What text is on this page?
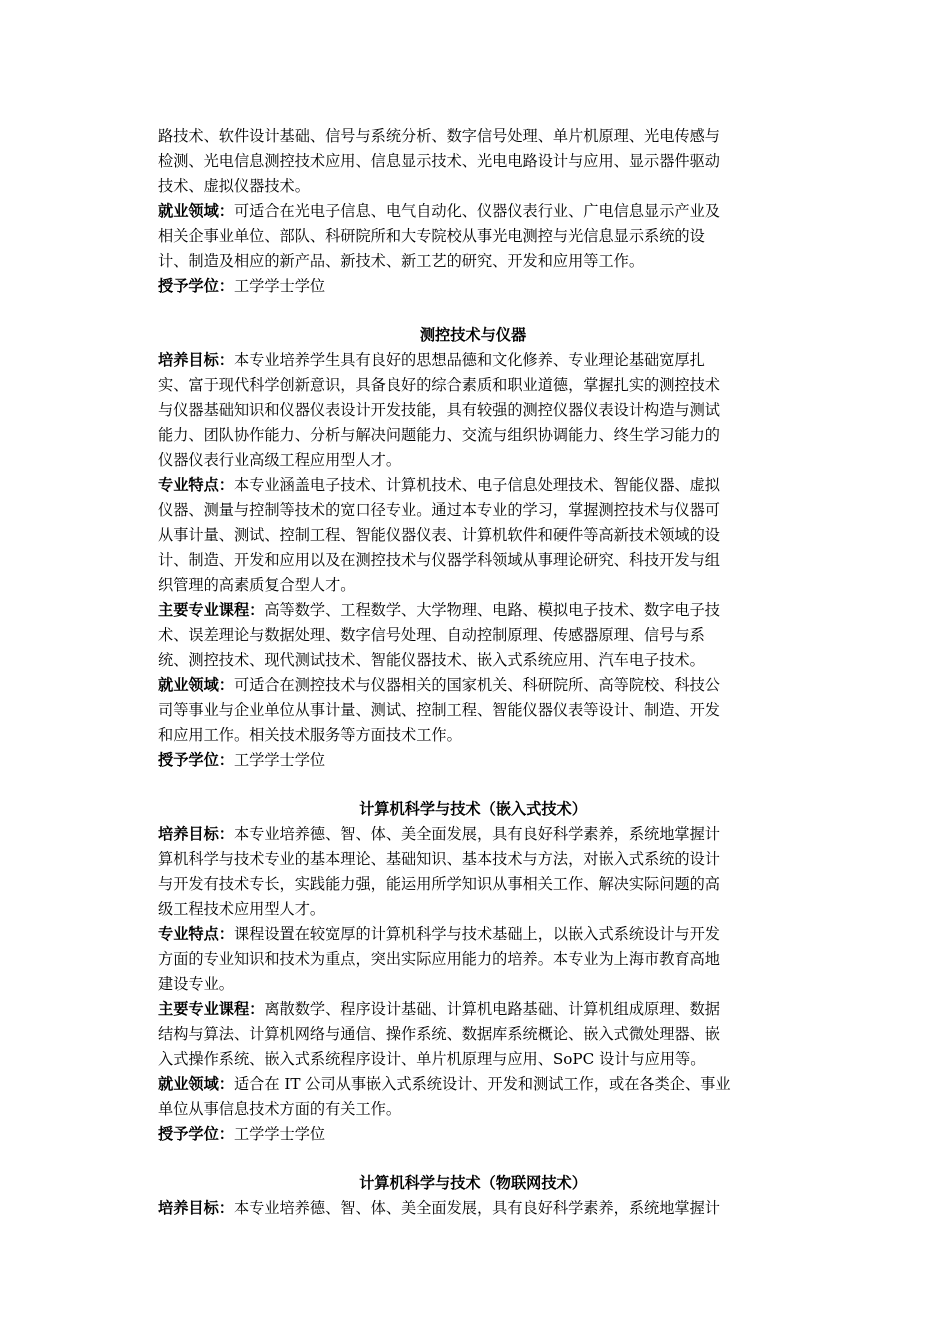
路技术、软件设计基础、信号与系统分析、数字信号处理、单片机原理、光电传感与
检测、光电信息测控技术应用、信息显示技术、光电电路设计与应用、显示器件驱动
技术、虚拟仪器技术。
就业领域：可适合在光电子信息、电气自动化、仪器仪表行业、广电信息显示产业及
相关企事业单位、部队、科研院所和大专院校从事光电测控与光信息显示系统的设
计、制造及相应的新产品、新技术、新工艺的研究、开发和应用等工作。
授予学位：工学学士学位
测控技术与仪器
培养目标：本专业培养学生具有良好的思想品德和文化修养、专业理论基础宽厚扎
实、富于现代科学创新意识，具备良好的综合素质和职业道德，掌握扎实的测控技术
与仪器基础知识和仪器仪表设计开发技能，具有较强的测控仪器仪表设计构造与测试
能力、团队协作能力、分析与解决问题能力、交流与组织协调能力、终生学习能力的
仪器仪表行业高级工程应用型人才。
专业特点：本专业涵盖电子技术、计算机技术、电子信息处理技术、智能仪器、虚拟
仪器、测量与控制等技术的宽口径专业。通过本专业的学习，掌握测控技术与仪器可
从事计量、测试、控制工程、智能仪器仪表、计算机软件和硬件等高新技术领域的设
计、制造、开发和应用以及在测控技术与仪器学科领域从事理论研究、科技开发与组
织管理的高素质复合型人才。
主要专业课程：高等数学、工程数学、大学物理、电路、模拟电子技术、数字电子技
术、误差理论与数据处理、数字信号处理、自动控制原理、传感器原理、信号与系
统、测控技术、现代测试技术、智能仪器技术、嵌入式系统应用、汽车电子技术。
就业领域：可适合在测控技术与仪器相关的国家机关、科研院所、高等院校、科技公
司等事业与企业单位从事计量、测试、控制工程、智能仪器仪表等设计、制造、开发
和应用工作。相关技术服务等方面技术工作。
授予学位：工学学士学位
计算机科学与技术（嵌入式技术）
培养目标：本专业培养德、智、体、美全面发展，具有良好科学素养，系统地掌握计
算机科学与技术专业的基本理论、基础知识、基本技术与方法，对嵌入式系统的设计
与开发有技术专长，实践能力强，能运用所学知识从事相关工作、解决实际问题的高
级工程技术应用型人才。
专业特点：课程设置在较宽厚的计算机科学与技术基础上，以嵌入式系统设计与开发
方面的专业知识和技术为重点，突出实际应用能力的培养。本专业为上海市教育高地
建设专业。
主要专业课程：离散数学、程序设计基础、计算机电路基础、计算机组成原理、数据
结构与算法、计算机网络与通信、操作系统、数据库系统概论、嵌入式微处理器、嵌
入式操作系统、嵌入式系统程序设计、单片机原理与应用、SoPC 设计与应用等。
就业领域：适合在 IT 公司从事嵌入式系统设计、开发和测试工作，或在各类企、事业
单位从事信息技术方面的有关工作。
授予学位：工学学士学位
计算机科学与技术（物联网技术）
培养目标：本专业培养德、智、体、美全面发展，具有良好科学素养，系统地掌握计
